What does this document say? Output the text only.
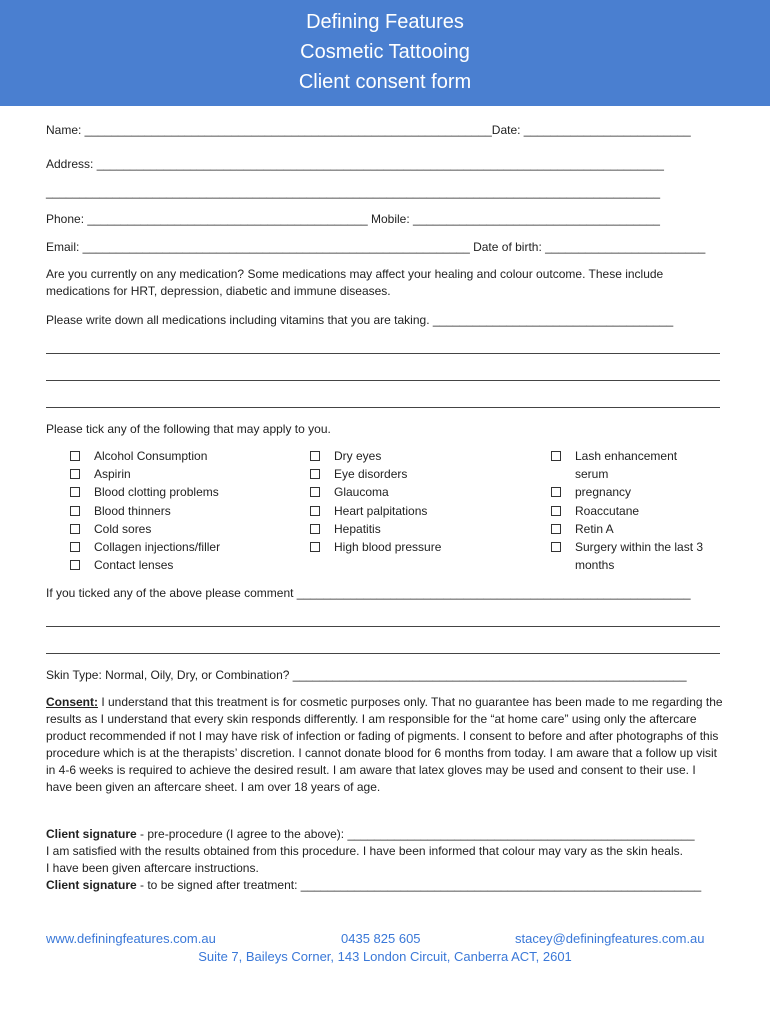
Defining Features
Cosmetic Tattooing
Client consent form
Name: _____________________________________________________________Date: _________________________
Address: _____________________________________________________________________________________
____________________________________________________________________________________________
Phone: __________________________________________ Mobile: _____________________________________
Email: __________________________________________________________ Date of birth: ________________________
Are you currently on any medication? Some medications may affect your healing and colour outcome. These include medications for HRT, depression, diabetic and immune diseases.
Please write down all medications including vitamins that you are taking. ____________________________________
Please tick any of the following that may apply to you.
Alcohol Consumption
Aspirin
Blood clotting problems
Blood thinners
Cold sores
Collagen injections/filler
Contact lenses
Dry eyes
Eye disorders
Glaucoma
Heart palpitations
Hepatitis
High blood pressure
Lash enhancement serum
pregnancy
Roaccutane
Retin A
Surgery within the last 3 months
If you ticked any of the above please comment ___________________________________________________________
Skin Type: Normal, Oily, Dry, or Combination? ___________________________________________________________
Consent: I understand that this treatment is for cosmetic purposes only. That no guarantee has been made to me regarding the results as I understand that every skin responds differently. I am responsible for the “at home care” using only the aftercare product recommended if not I may have risk of infection or fading of pigments. I consent to before and after photographs of this procedure which is at the therapists’ discretion. I cannot donate blood for 6 months from today. I am aware that a follow up visit in 4-6 weeks is required to achieve the desired result. I am aware that latex gloves may be used and consent to their use. I have been given an aftercare sheet. I am over 18 years of age.
Client signature - pre-procedure (I agree to the above): ____________________________________________________
I am satisfied with the results obtained from this procedure. I have been informed that colour may vary as the skin heals.
I have been given aftercare instructions.
Client signature - to be signed after treatment: ____________________________________________________________
www.definingfeatures.com.au	0435 825 605	stacey@definingfeatures.com.au
Suite 7, Baileys Corner, 143 London Circuit, Canberra ACT, 2601
